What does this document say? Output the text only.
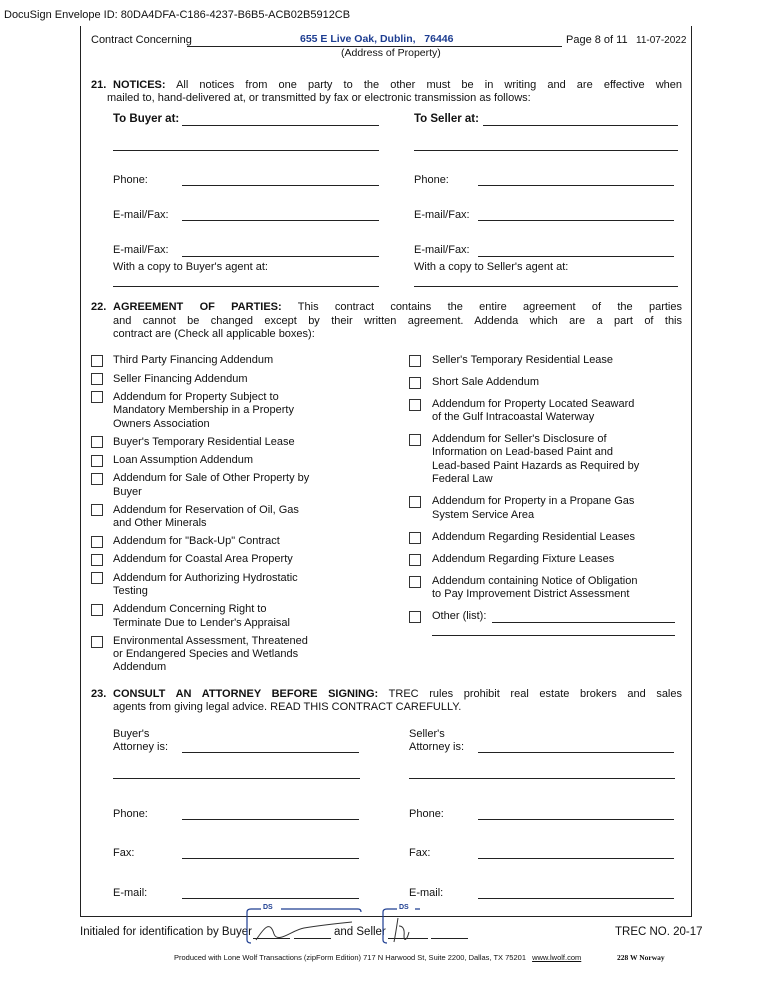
DocuSign Envelope ID: 80DA4DFA-C186-4237-B6B5-ACB02B5912CB
Contract Concerning	655 E Live Oak, Dublin,   76446
(Address of Property)
Page 8 of 11 11-07-2022
21. NOTICES: All notices from one party to the other must be in writing and are effective when
mailed to, hand-delivered at, or transmitted by fax or electronic transmission as follows:
To Buyer at:	To Seller at:
Phone:	Phone:
E-mail/Fax:	E-mail/Fax:
E-mail/Fax:	E-mail/Fax:
With a copy to Buyer's agent at:	With a copy to Seller's agent at:
22. AGREEMENT OF PARTIES: This contract contains the entire agreement of the parties
and cannot be changed except by their written agreement. Addenda which are a part of this
contract are (Check all applicable boxes):
Third Party Financing Addendum
Seller Financing Addendum
Addendum for Property Subject to
Mandatory Membership in a Property
Owners Association
Buyer's Temporary Residential Lease
Loan Assumption Addendum
Addendum for Sale of Other Property by
Buyer
Addendum for Reservation of Oil, Gas
and Other Minerals
Addendum for "Back-Up" Contract
Addendum for Coastal Area Property
Addendum for Authorizing Hydrostatic
Testing
Addendum Concerning Right to
Terminate Due to Lender's Appraisal
Environmental Assessment, Threatened
or Endangered Species and Wetlands
Addendum
Seller's Temporary Residential Lease
Short Sale Addendum
Addendum for Property Located Seaward
of the Gulf Intracoastal Waterway
Addendum for Seller's Disclosure of
Information on Lead-based Paint and
Lead-based Paint Hazards as Required by
Federal Law
Addendum for Property in a Propane Gas
System Service Area
Addendum Regarding Residential Leases
Addendum Regarding Fixture Leases
Addendum containing Notice of Obligation
to Pay Improvement District Assessment
Other (list):
23. CONSULT AN ATTORNEY BEFORE SIGNING: TREC rules prohibit real estate brokers and sales
agents from giving legal advice. READ THIS CONTRACT CAREFULLY.
Buyer's
Attorney is:
Seller's
Attorney is:
Phone:	Phone:
Fax:	Fax:
E-mail:	E-mail:
Initialed for identification by Buyer	and Seller	TREC NO. 20-17
DS	DS
Produced with Lone Wolf Transactions (zipForm Edition) 717 N Harwood St, Suite 2200, Dallas, TX 75201 www.lwolf.com	228 W Norway
